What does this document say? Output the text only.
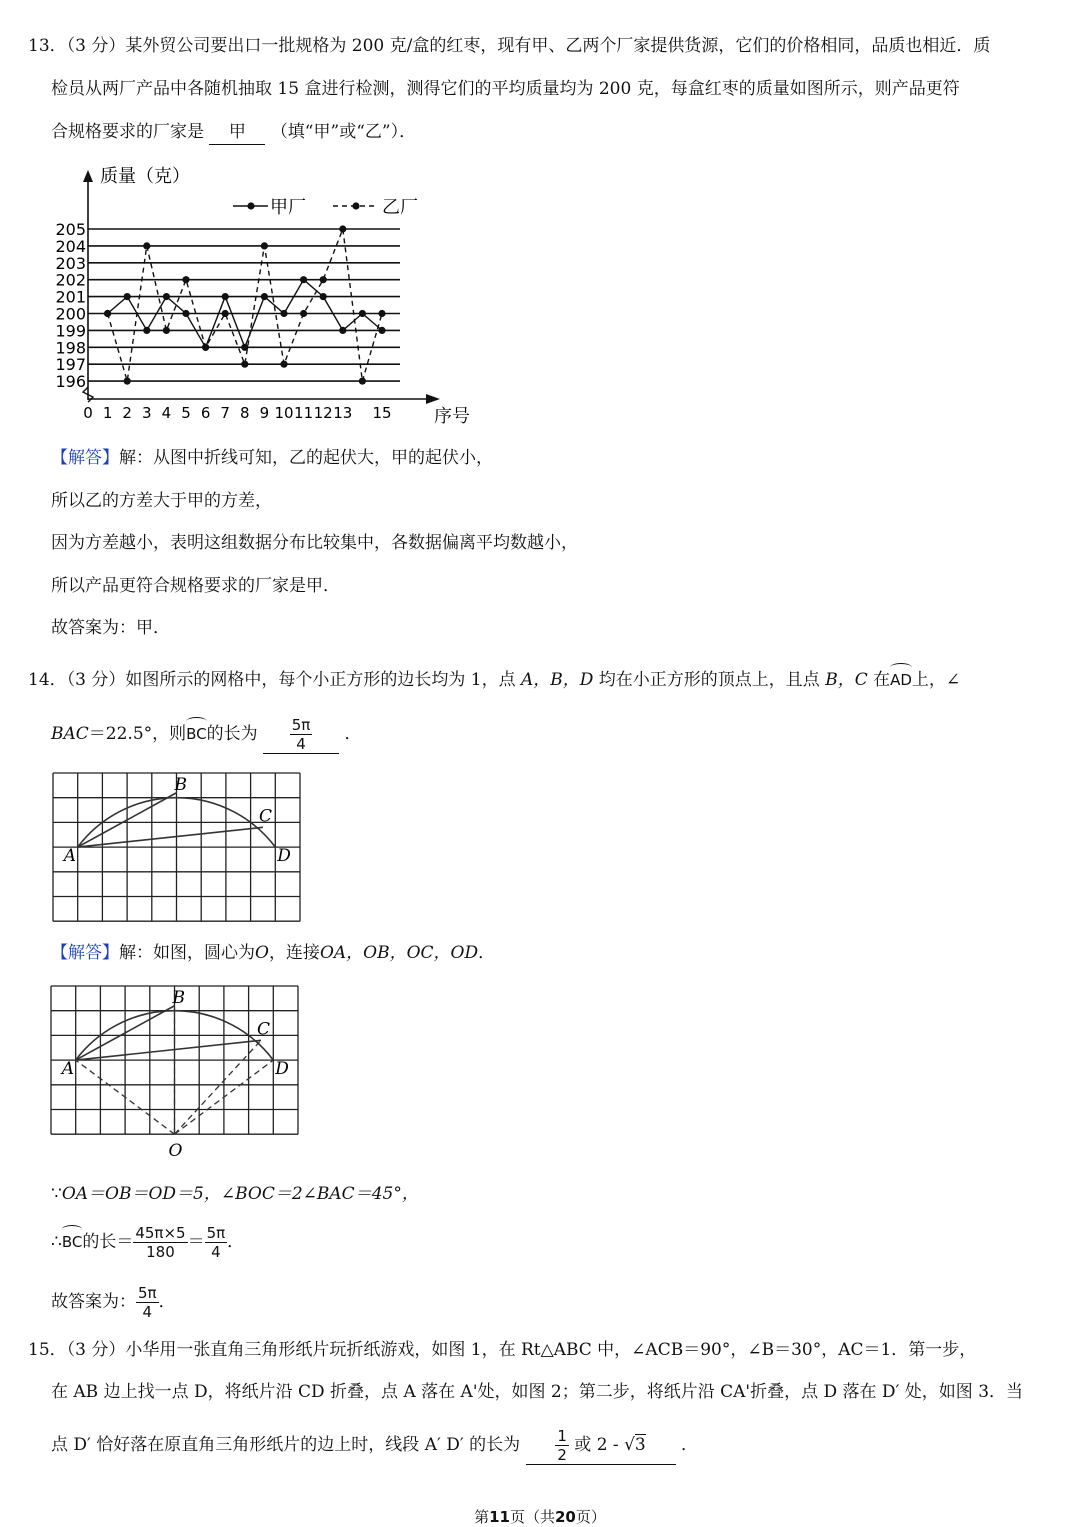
13．（3 分）某外贸公司要出口一批规格为 200 克/盒的红枣，现有甲、乙两个厂家提供货源，它们的价格相同，品质也相近．质
检员从两厂产品中各随机抽取 15 盒进行检测，测得它们的平均质量均为 200 克，每盒红枣的质量如图所示，则产品更符
合规格要求的厂家是 甲 （填“甲”或“乙”）．
205
204
203
202
201
200
199
198
197
196
0 1 2 3 4 5 6 7 8 9 10 11 12 13 15
质量（克）
序号
甲厂	乙厂
【解答】解：从图中折线可知，乙的起伏大，甲的起伏小，
所以乙的方差大于甲的方差，
因为方差越小，表明这组数据分布比较集中，各数据偏离平均数越小，
所以产品更符合规格要求的厂家是甲．
故答案为：甲．
14．（3 分）如图所示的网格中，每个小正方形的边长均为 1，点 A，B，D 均在小正方形的顶点上，且点 B，C 在AD上，∠
BAC＝22.5°，则BC的长为 $\frac{5\pi}{4}$ ．
A
B
C
D
【解答】解：如图，圆心为O，连接OA，OB，OC，OD．
A
B
C
D
O
∵OA＝OB＝OD＝5，∠BOC＝2∠BAC＝45°，
∴BC的长＝ $\frac{45\pi\times 5}{180} = \frac{5\pi}{4}$ ．
故答案为： $\frac{5\pi}{4}$ ．
15．（3 分）小华用一张直角三角形纸片玩折纸游戏，如图 1，在 Rt△ABC 中，∠ACB＝90°，∠B＝30°，AC＝1．第一步，
在 AB 边上找一点 D，将纸片沿 CD 折叠，点 A 落在 A'处，如图 2；第二步，将纸片沿 CA'折叠，点 D 落在 D′ 处，如图 3．当
点 D′ 恰好落在原直角三角形纸片的边上时，线段 A′ D′ 的长为 $\frac{1}{2}$ 或 2 - √3 ．
第11页（共20页）
